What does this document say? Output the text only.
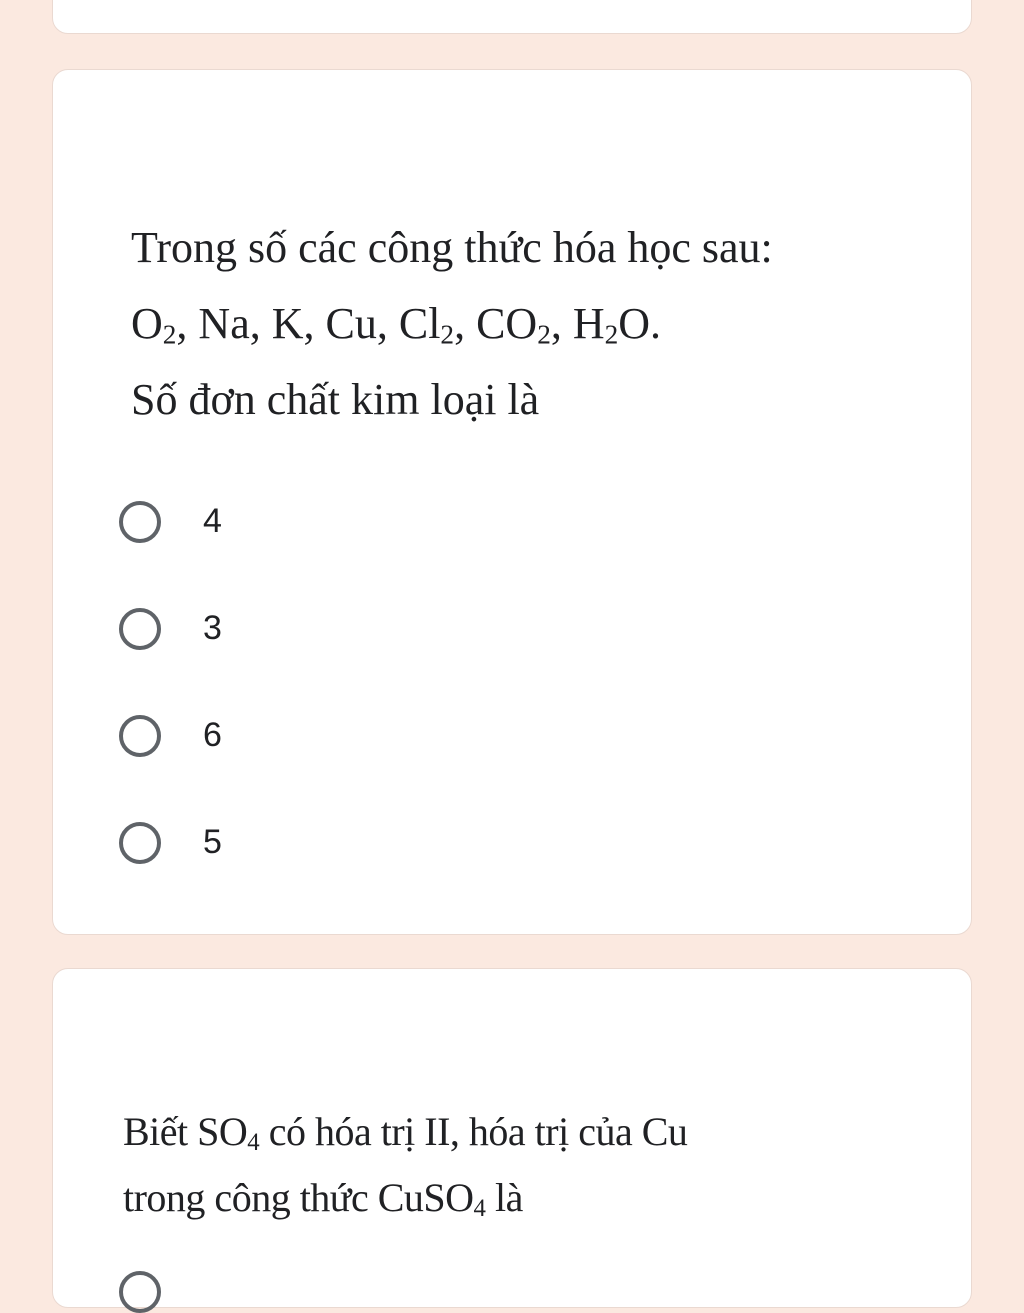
Trong số các công thức hóa học sau:
$O_2$, Na, K, Cu, $Cl_2$, $CO_2$, $H_2O$.
Số đơn chất kim loại là
4
3
6
5
Biết $SO_4$ có hóa trị II, hóa trị của Cu
trong công thức CuSO$_4$ là
